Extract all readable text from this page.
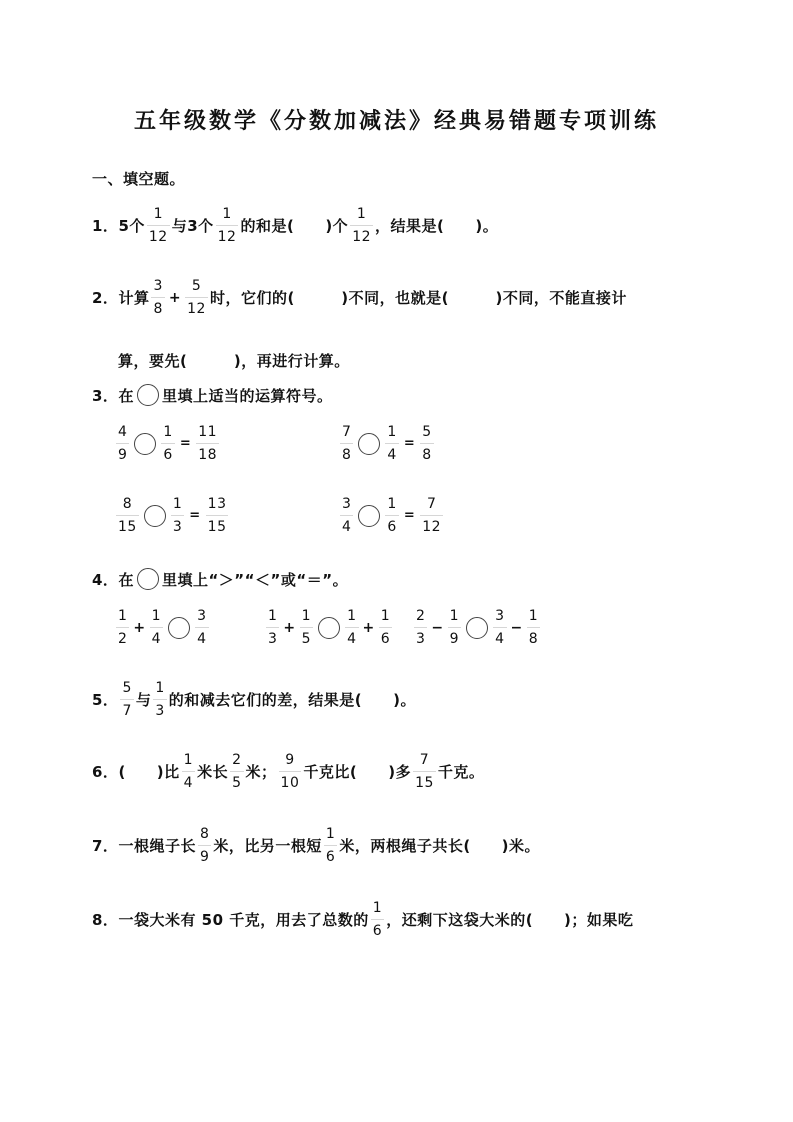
五年级数学《分数加减法》经典易错题专项训练
一、填空题。
1． 5个 $\frac{1}{12}$ 与3个 $\frac{1}{12}$ 的和是(　　)个 $\frac{1}{12}$ ，结果是(　　)。
2． 计算 $\frac{3}{8} + \frac{5}{12}$ 时，它们的(　　　)不同，也就是(　　　)不同，不能直接计
算，要先(　　　)，再进行计算。
3． 在 里填上适当的运算符号。
$\frac{4}{9} \frac{1}{6} = \frac{11}{18}$	$\frac{7}{8} \frac{1}{4} = \frac{5}{8}$
$\frac{8}{15} \frac{1}{3} = \frac{13}{15}$	$\frac{3}{4} \frac{1}{6} = \frac{7}{12}$
4． 在 里填上“＞”“＜”或“＝”。
$\frac{1}{2} + \frac{1}{4} \frac{3}{4}$	$\frac{1}{3} + \frac{1}{5} \frac{1}{4} + \frac{1}{6} \frac{2}{3} - \frac{1}{9} \frac{3}{4} - \frac{1}{8}$
5． $\frac{5}{7}$ 与 $\frac{1}{3}$ 的和减去它们的差，结果是(　　)。
6． (　　)比 $\frac{1}{4}$ 米长 $\frac{2}{5}$ 米； $\frac{9}{10}$ 千克比(　　)多 $\frac{7}{15}$ 千克。
7． 一根绳子长 $\frac{8}{9}$ 米，比另一根短 $\frac{1}{6}$ 米，两根绳子共长(　　)米。
8． 一袋大米有 50 千克，用去了总数的 $\frac{1}{6}$ ，还剩下这袋大米的(　　)；如果吃
